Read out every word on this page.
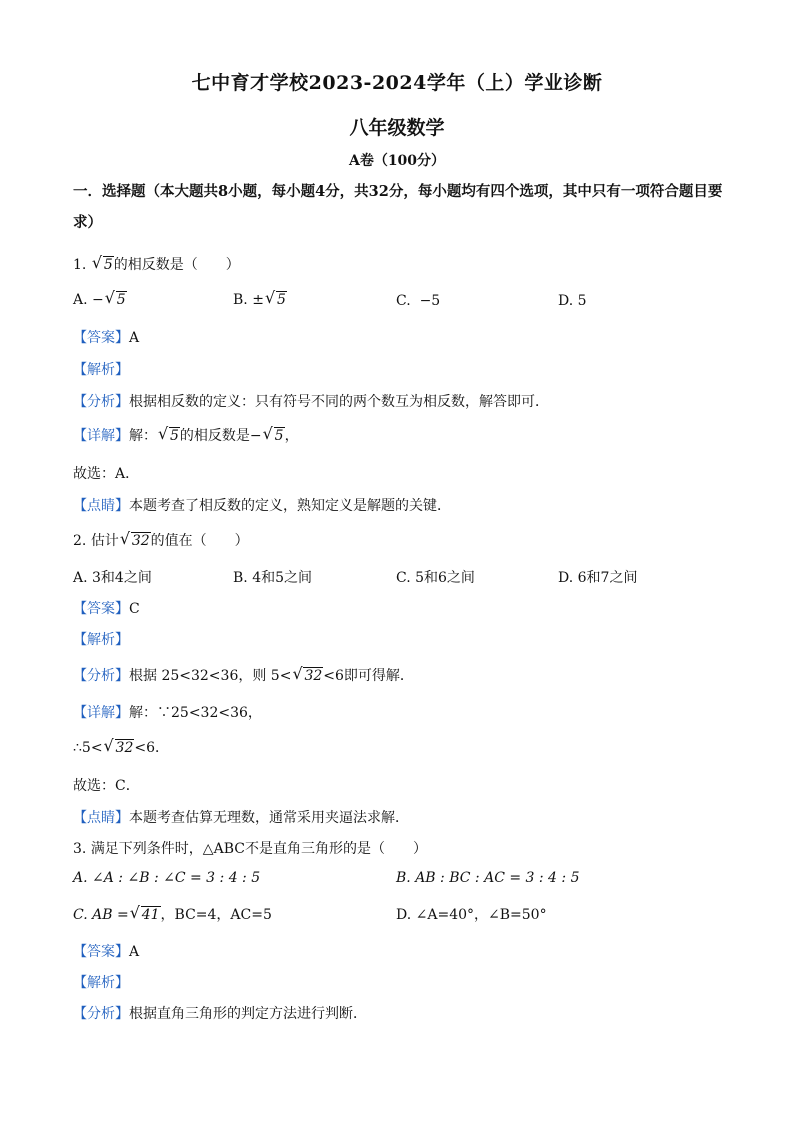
七中育才学校2023-2024学年（上）学业诊断
八年级数学
A卷（100分）
一．选择题（本大题共8小题，每小题4分，共32分，每小题均有四个选项，其中只有一项符合题目要求）
1. √ 5的相反数是（　　）
A. − √ 5	B. ± √ 5	C. −5	D. 5
【答案】A
【解析】
【分析】根据相反数的定义：只有符号不同的两个数互为相反数，解答即可．
【详解】解： √ 5的相反数是− √ 5，
故选：A．
【点睛】本题考查了相反数的定义，熟知定义是解题的关键．
2. 估计 √ 32的值在（　　）
A. 3和4之间	B. 4和5之间	C. 5和6之间	D. 6和7之间
【答案】C
【解析】
【分析】根据 25<32<36，则 5< √ 32<6即可得解．
【详解】解：∵25<32<36，
∴5< √ 32<6．
故选：C．
【点睛】本题考查估算无理数，通常采用夹逼法求解．
3. 满足下列条件时，△ABC不是直角三角形的是（　　）
A. ∠A : ∠B : ∠C = 3 : 4 : 5	B. AB : BC : AC = 3 : 4 : 5
C. AB = √ 41，BC=4，AC=5	D. ∠A=40°，∠B=50°
【答案】A
【解析】
【分析】根据直角三角形的判定方法进行判断．
